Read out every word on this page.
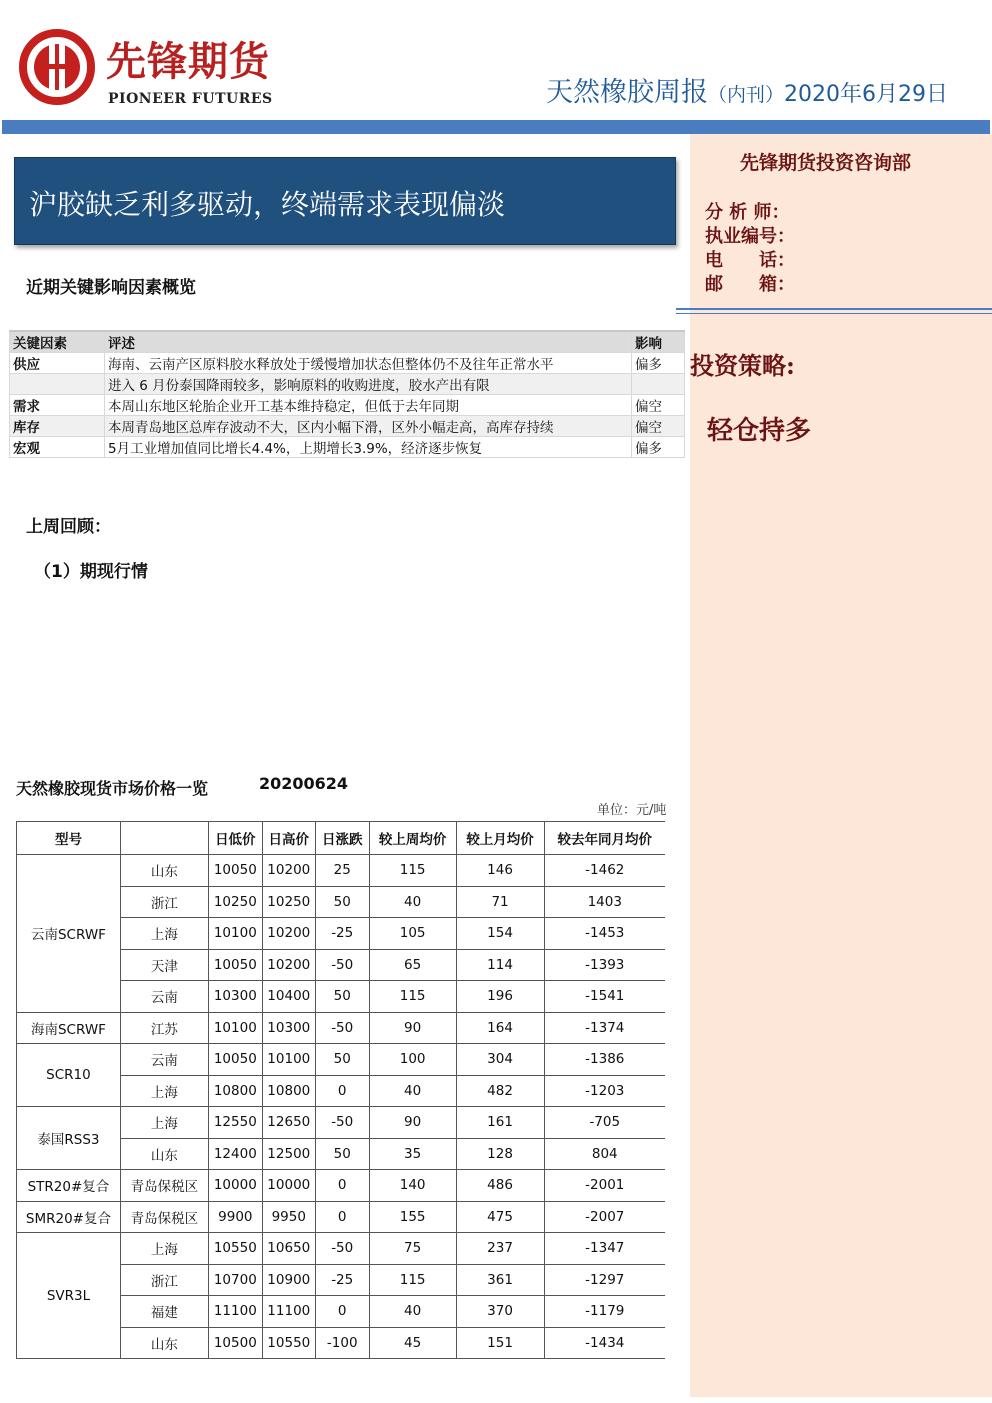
先锋期货
PIONEER FUTURES	天然橡胶周报（内刊）2020年6月29日
先锋期货投资咨询部
分 析 师：
执业编号：
电　　话：
邮　　箱：
投资策略:
轻仓持多
沪胶缺乏利多驱动，终端需求表现偏淡
近期关键影响因素概览
关键因素	评述	影响
供应	海南、云南产区原料胶水释放处于缓慢增加状态但整体仍不及往年正常水平	偏多
	进入 6 月份泰国降雨较多，影响原料的收购进度，胶水产出有限	
需求	本周山东地区轮胎企业开工基本维持稳定，但低于去年同期	偏空
库存	本周青岛地区总库存波动不大，区内小幅下滑，区外小幅走高，高库存持续	偏空
宏观	5月工业增加值同比增长4.4%，上期增长3.9%，经济逐步恢复	偏多
上周回顾：
（1）期现行情
天然橡胶现货市场价格一览	20200624
单位：元/吨
型号		日低价	日高价	日涨跌	较上周均价	较上月均价	较去年同月均价
云南SCRWF	山东	10050	10200	25	115	146	-1462
	浙江	10250	10250	50	40	71	1403
	上海	10100	10200	-25	105	154	-1453
	天津	10050	10200	-50	65	114	-1393
	云南	10300	10400	50	115	196	-1541
海南SCRWF	江苏	10100	10300	-50	90	164	-1374
SCR10	云南	10050	10100	50	100	304	-1386
	上海	10800	10800	0	40	482	-1203
泰国RSS3	上海	12550	12650	-50	90	161	-705
	山东	12400	12500	50	35	128	804
STR20#复合	青岛保税区	10000	10000	0	140	486	-2001
SMR20#复合	青岛保税区	9900	9950	0	155	475	-2007
SVR3L	上海	10550	10650	-50	75	237	-1347
	浙江	10700	10900	-25	115	361	-1297
	福建	11100	11100	0	40	370	-1179
	山东	10500	10550	-100	45	151	-1434
